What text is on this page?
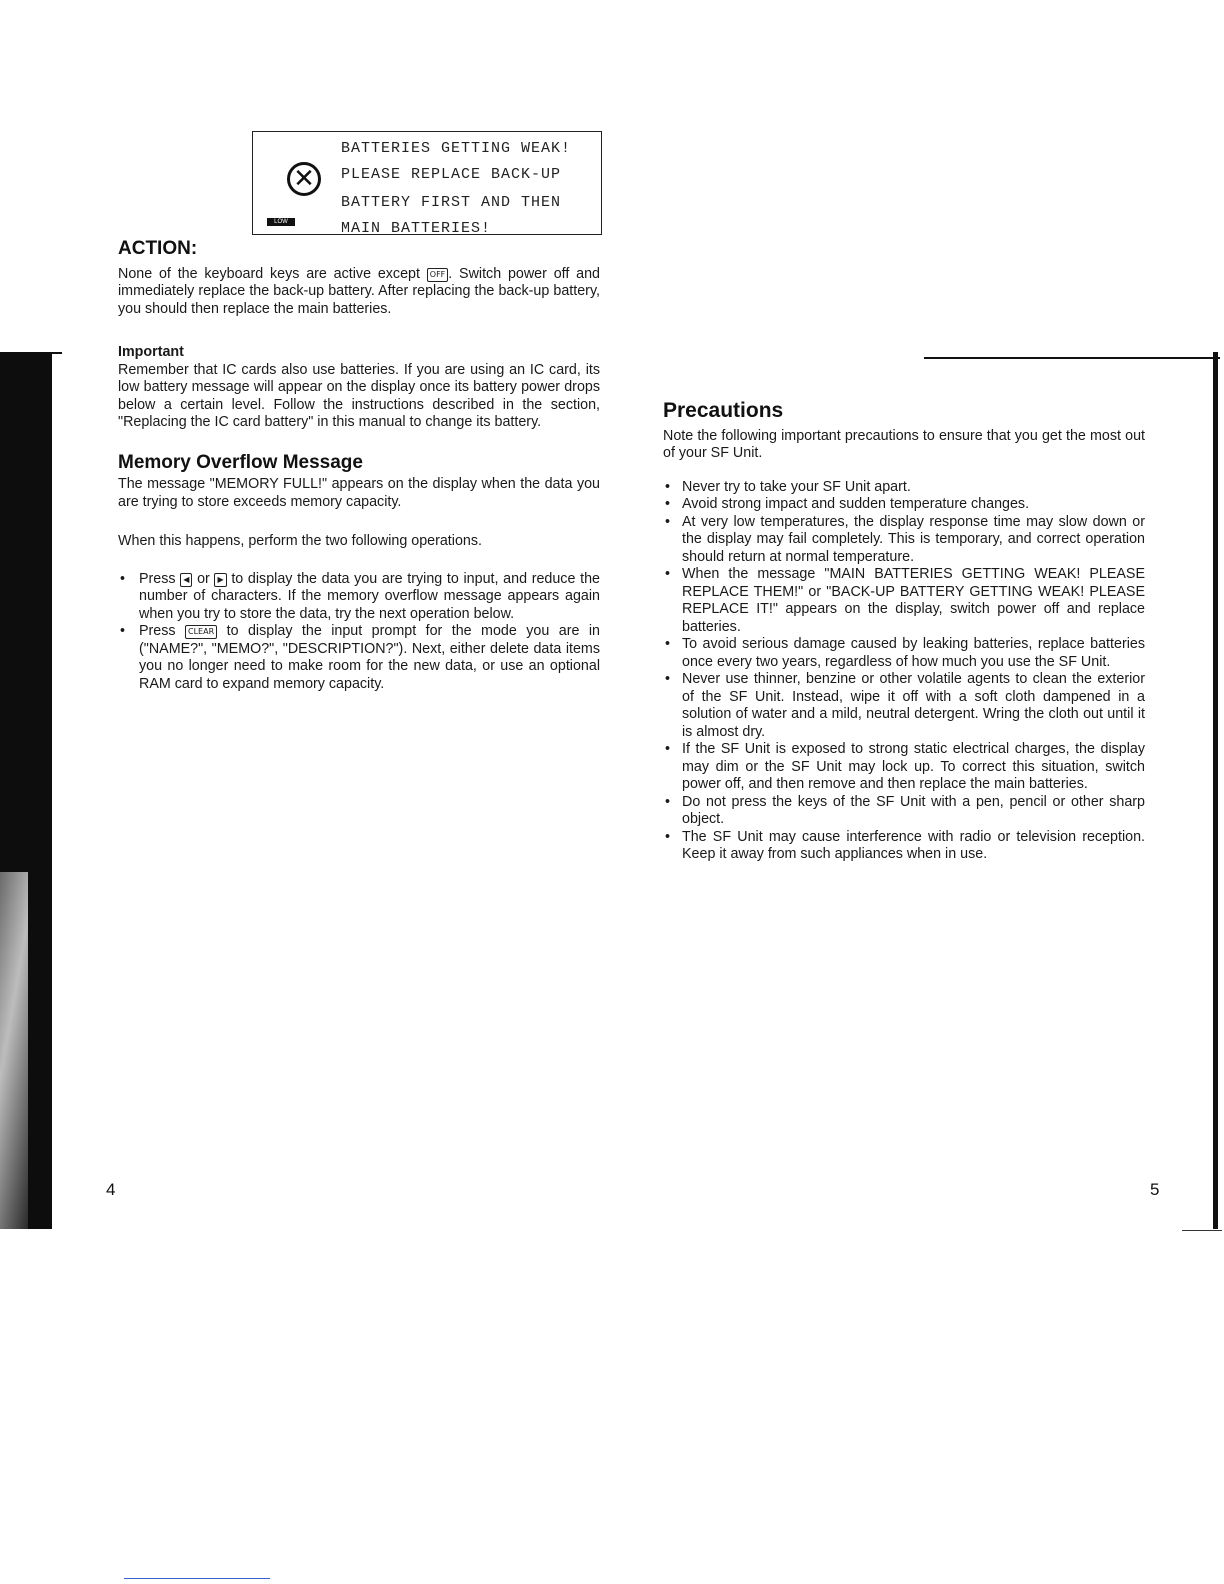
✕
BATTERIES GETTING WEAK!
PLEASE REPLACE BACK-UP
BATTERY FIRST AND THEN
MAIN BATTERIES!
LOW BATT
ACTION:

None of the keyboard keys are active except OFF . Switch power off and immediately replace the back-up battery. After replacing the back-up battery, you should then replace the main batteries.

Important

Remember that IC cards also use batteries. If you are using an IC card, its low battery message will appear on the display once its battery power drops below a certain level. Follow the instructions described in the section, "Replacing the IC card battery" in this manual to change its battery.

Memory Overflow Message

The message "MEMORY FULL!" appears on the display when the data you are trying to store exceeds memory capacity.

When this happens, perform the two following operations.

• Press ◀ or ▶ to display the data you are trying to input, and reduce the number of characters. If the memory overflow message appears again when you try to store the data, try the next operation below.
• Press CLEAR to display the input prompt for the mode you are in ("NAME?", "MEMO?", "DESCRIPTION?"). Next, either delete data items you no longer need to make room for the new data, or use an optional RAM card to expand memory capacity.
Precautions

Note the following important precautions to ensure that you get the most out of your SF Unit.

• Never try to take your SF Unit apart.
• Avoid strong impact and sudden temperature changes.
• At very low temperatures, the display response time may slow down or the display may fail completely. This is temporary, and correct operation should return at normal temperature.
• When the message "MAIN BATTERIES GETTING WEAK! PLEASE REPLACE THEM!" or "BACK-UP BATTERY GETTING WEAK! PLEASE REPLACE IT!" appears on the display, switch power off and replace batteries.
• To avoid serious damage caused by leaking batteries, replace batteries once every two years, regardless of how much you use the SF Unit.
• Never use thinner, benzine or other volatile agents to clean the exterior of the SF Unit. Instead, wipe it off with a soft cloth dampened in a solution of water and a mild, neutral detergent. Wring the cloth out until it is almost dry.
• If the SF Unit is exposed to strong static electrical charges, the display may dim or the SF Unit may lock up. To correct this situation, switch power off, and then remove and then replace the main batteries.
• Do not press the keys of the SF Unit with a pen, pencil or other sharp object.
• The SF Unit may cause interference with radio or television reception. Keep it away from such appliances when in use.
4	5
